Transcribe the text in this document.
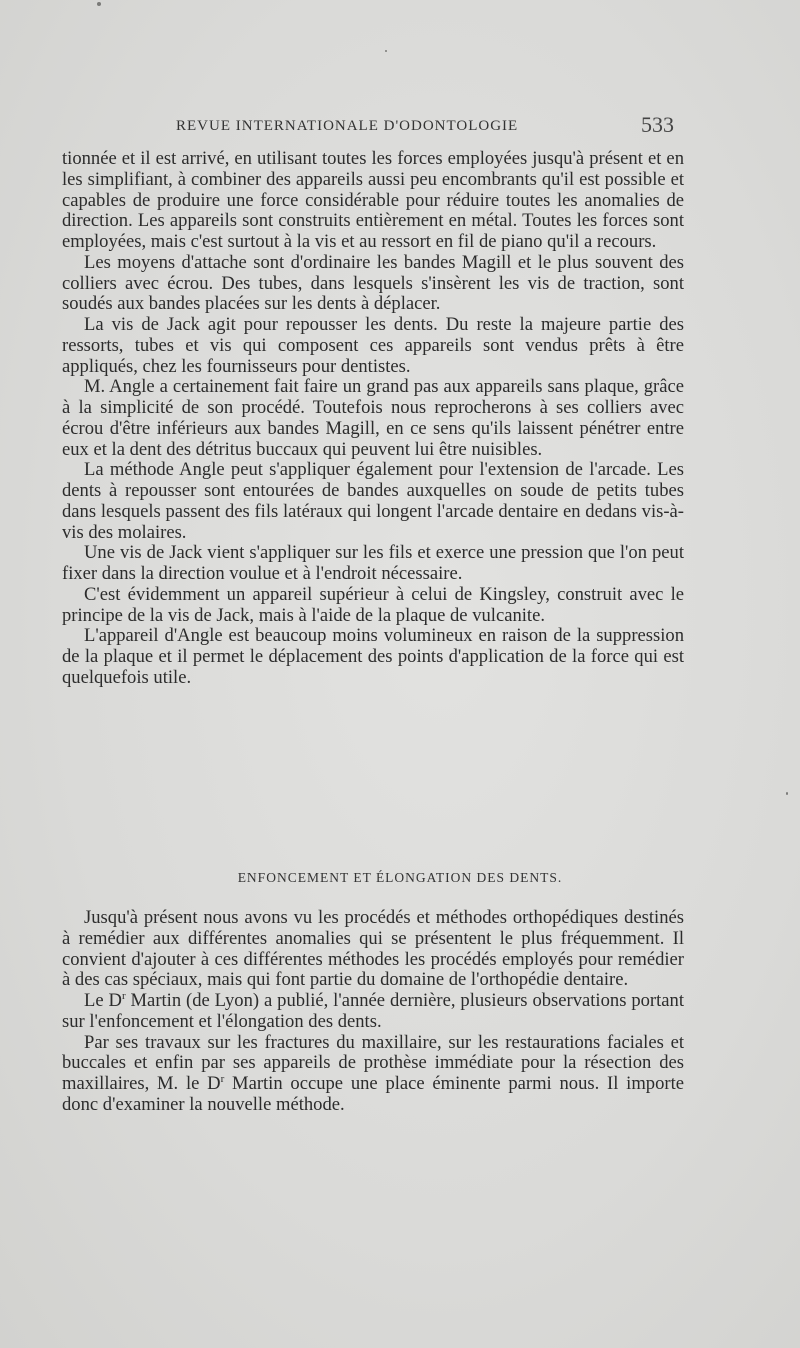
REVUE INTERNATIONALE D'ODONTOLOGIE	533

tionnée et il est arrivé, en utilisant toutes les forces employées jusqu'à présent et en les simplifiant, à combiner des appareils aussi peu encombrants qu'il est possible et capables de produire une force considérable pour réduire toutes les anomalies de direction. Les appareils sont construits entièrement en métal. Toutes les forces sont employées, mais c'est surtout à la vis et au ressort en fil de piano qu'il a recours.

Les moyens d'attache sont d'ordinaire les bandes Magill et le plus souvent des colliers avec écrou. Des tubes, dans lesquels s'insèrent les vis de traction, sont soudés aux bandes placées sur les dents à déplacer.

La vis de Jack agit pour repousser les dents. Du reste la majeure partie des ressorts, tubes et vis qui composent ces appareils sont vendus prêts à être appliqués, chez les fournisseurs pour dentistes.

M. Angle a certainement fait faire un grand pas aux appareils sans plaque, grâce à la simplicité de son procédé. Toutefois nous reprocherons à ses colliers avec écrou d'être inférieurs aux bandes Magill, en ce sens qu'ils laissent pénétrer entre eux et la dent des détritus buccaux qui peuvent lui être nuisibles.

La méthode Angle peut s'appliquer également pour l'extension de l'arcade. Les dents à repousser sont entourées de bandes auxquelles on soude de petits tubes dans lesquels passent des fils latéraux qui longent l'arcade dentaire en dedans vis-à-vis des molaires.

Une vis de Jack vient s'appliquer sur les fils et exerce une pression que l'on peut fixer dans la direction voulue et à l'endroit nécessaire.

C'est évidemment un appareil supérieur à celui de Kingsley, construit avec le principe de la vis de Jack, mais à l'aide de la plaque de vulcanite.

L'appareil d'Angle est beaucoup moins volumineux en raison de la suppression de la plaque et il permet le déplacement des points d'application de la force qui est quelquefois utile.

ENFONCEMENT ET ÉLONGATION DES DENTS.

Jusqu'à présent nous avons vu les procédés et méthodes orthopédiques destinés à remédier aux différentes anomalies qui se présentent le plus fréquemment. Il convient d'ajouter à ces différentes méthodes les procédés employés pour remédier à des cas spéciaux, mais qui font partie du domaine de l'orthopédie dentaire.

Le $D^r$ Martin (de Lyon) a publié, l'année dernière, plusieurs observations portant sur l'enfoncement et l'élongation des dents.

Par ses travaux sur les fractures du maxillaire, sur les restaurations faciales et buccales et enfin par ses appareils de prothèse immédiate pour la résection des maxillaires, M. le $D^r$ Martin occupe une place éminente parmi nous. Il importe donc d'examiner la nouvelle méthode.
